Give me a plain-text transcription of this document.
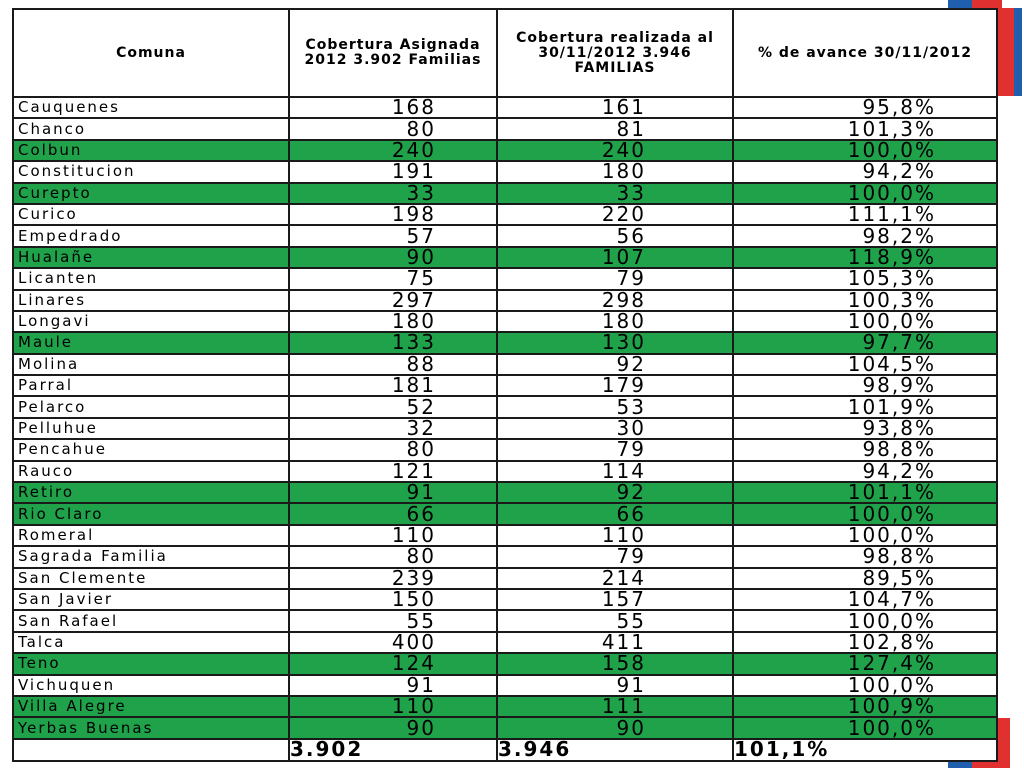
Comuna	Cobertura Asignada 2012 3.902 Familias	Cobertura realizada al 30/11/2012 3.946 FAMILIAS	% de avance 30/11/2012
Cauquenes	168	161	95,8%
Chanco	80	81	101,3%
Colbun	240	240	100,0%
Constitucion	191	180	94,2%
Curepto	33	33	100,0%
Curico	198	220	111,1%
Empedrado	57	56	98,2%
Hualañe	90	107	118,9%
Licanten	75	79	105,3%
Linares	297	298	100,3%
Longavi	180	180	100,0%
Maule	133	130	97,7%
Molina	88	92	104,5%
Parral	181	179	98,9%
Pelarco	52	53	101,9%
Pelluhue	32	30	93,8%
Pencahue	80	79	98,8%
Rauco	121	114	94,2%
Retiro	91	92	101,1%
Rio Claro	66	66	100,0%
Romeral	110	110	100,0%
Sagrada Familia	80	79	98,8%
San Clemente	239	214	89,5%
San Javier	150	157	104,7%
San Rafael	55	55	100,0%
Talca	400	411	102,8%
Teno	124	158	127,4%
Vichuquen	91	91	100,0%
Villa Alegre	110	111	100,9%
Yerbas Buenas	90	90	100,0%
	3.902	3.946	101,1%
